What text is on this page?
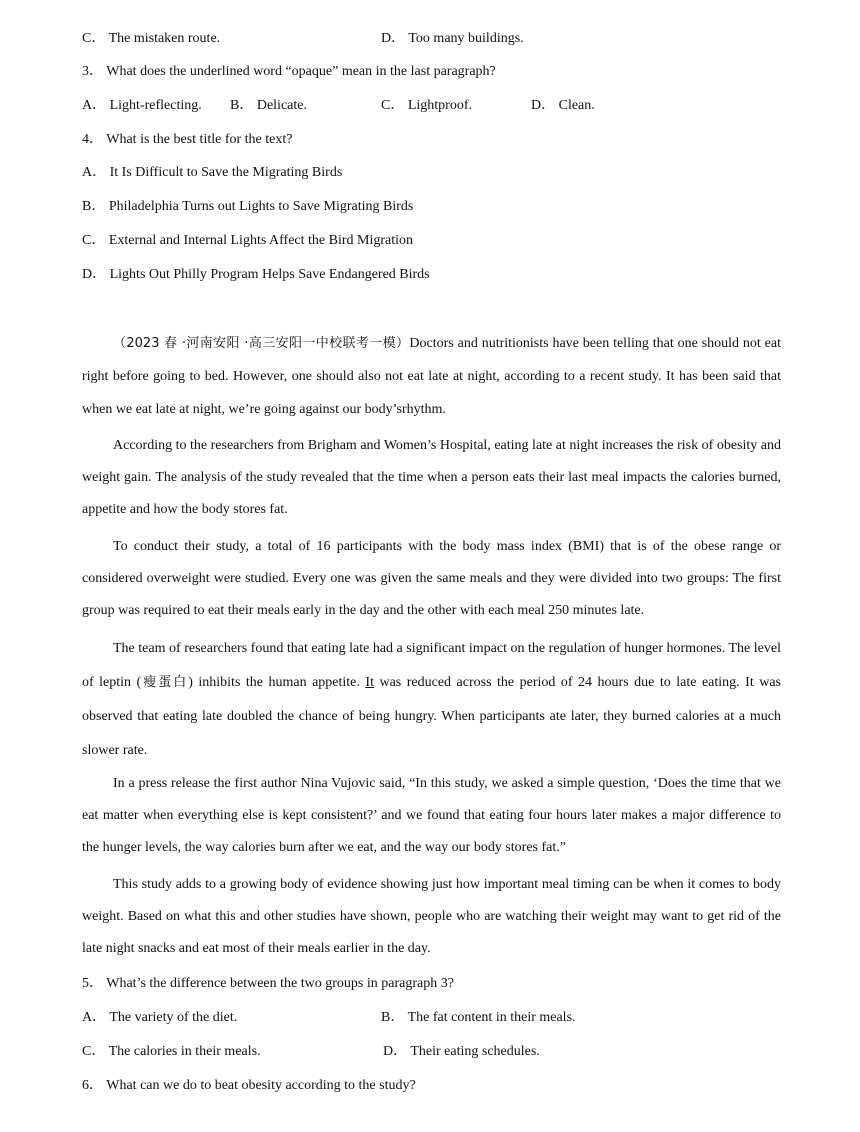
C． The mistaken route.	D． Too many buildings.
3． What does the underlined word “opaque” mean in the last paragraph?
A． Light-reflecting. B． Delicate.	C． Lightproof.	D． Clean.
4． What is the best title for the text?
A． It Is Difficult to Save the Migrating Birds
B． Philadelphia Turns out Lights to Save Migrating Birds
C． External and Internal Lights Affect the Bird Migration
D． Lights Out Philly Program Helps Save Endangered Birds
（2023 春 ·河南安阳 ·高三安阳一中校联考一模）Doctors and nutritionists have been telling that one should not eat right before going to bed. However, one should also not eat late at night, according to a recent study. It has been said that when we eat late at night, we’re going against our body’srhythm.
According to the researchers from Brigham and Women’s Hospital, eating late at night increases the risk of obesity and weight gain. The analysis of the study revealed that the time when a person eats their last meal impacts the calories burned, appetite and how the body stores fat.
To conduct their study, a total of 16 participants with the body mass index (BMI) that is of the obese range or considered overweight were studied. Every one was given the same meals and they were divided into two groups: The first group was required to eat their meals early in the day and the other with each meal 250 minutes late.
The team of researchers found that eating late had a significant impact on the regulation of hunger hormones. The level of leptin (瘦蛋白) inhibits the human appetite. It was reduced across the period of 24 hours due to late eating. It was observed that eating late doubled the chance of being hungry. When participants ate later, they burned calories at a much slower rate.
In a press release the first author Nina Vujovic said, “In this study, we asked a simple question, ‘Does the time that we eat matter when everything else is kept consistent?’ and we found that eating four hours later makes a major difference to the hunger levels, the way calories burn after we eat, and the way our body stores fat.”
This study adds to a growing body of evidence showing just how important meal timing can be when it comes to body weight. Based on what this and other studies have shown, people who are watching their weight may want to get rid of the late night snacks and eat most of their meals earlier in the day.
5． What’s the difference between the two groups in paragraph 3?
A． The variety of the diet.	B． The fat content in their meals.
C． The calories in their meals.	D． Their eating schedules.
6． What can we do to beat obesity according to the study?
